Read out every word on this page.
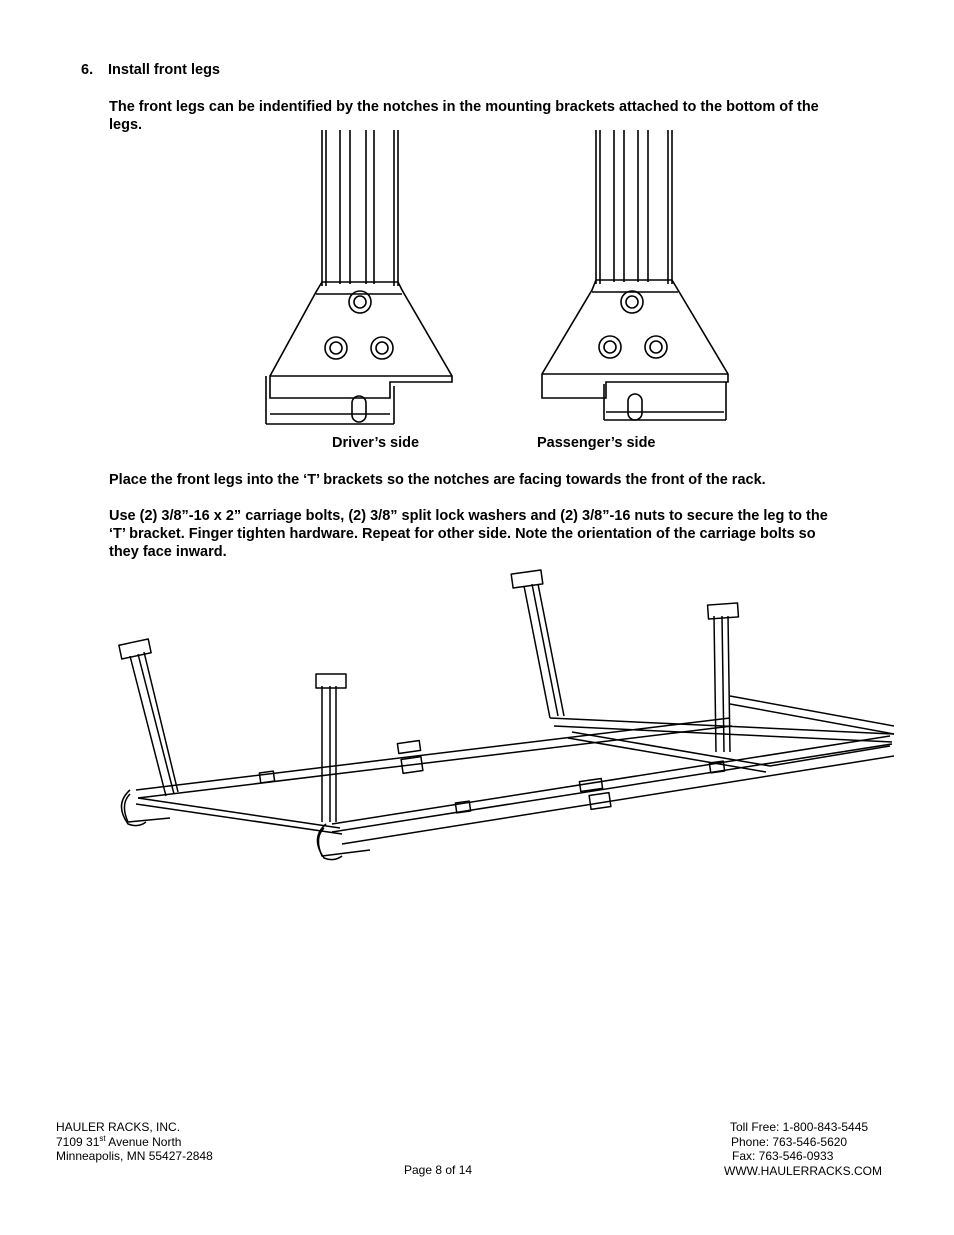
6. Install front legs
The front legs can be indentified by the notches in the mounting brackets attached to the bottom of the
legs.
Driver’s side	Passenger’s side
Place the front legs into the ‘T’ brackets so the notches are facing towards the front of the rack.
Use (2) 3/8”-16 x 2” carriage bolts, (2) 3/8” split lock washers and (2) 3/8”-16 nuts to secure the leg to the
‘T’ bracket. Finger tighten hardware. Repeat for other side. Note the orientation of the carriage bolts so
they face inward.
HAULER RACKS, INC.
7109 31st Avenue North
Minneapolis, MN 55427-2848
Page 8 of 14
Toll Free: 1-800-843-5445
Phone: 763-546-5620
Fax: 763-546-0933
WWW.HAULERRACKS.COM
